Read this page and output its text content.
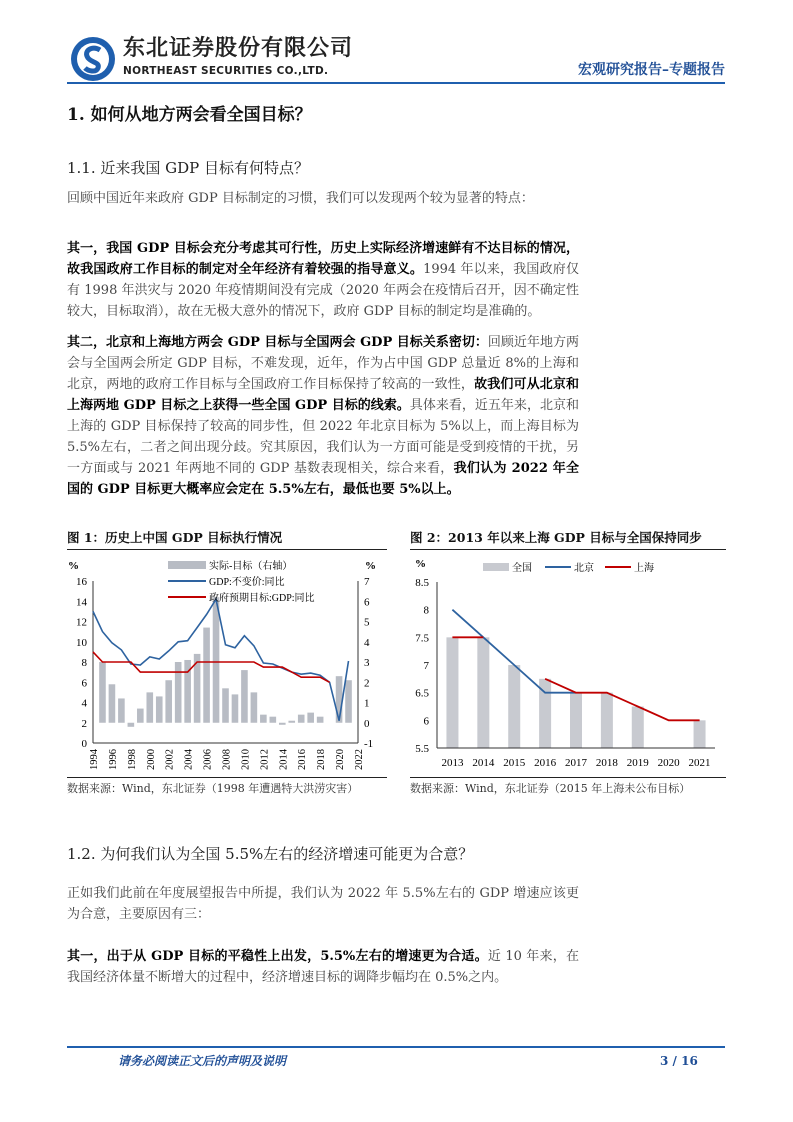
东北证券股份有限公司
NORTHEAST SECURITIES CO.,LTD.	宏观研究报告–专题报告
1. 如何从地方两会看全国目标？
1.1. 近来我国 GDP 目标有何特点？

回顾中国近年来政府 GDP 目标制定的习惯，我们可以发现两个较为显著的特点：

其一，我国 GDP 目标会充分考虑其可行性，历史上实际经济增速鲜有不达目标的情况，故我国政府工作目标的制定对全年经济有着较强的指导意义。1994 年以来，我国政府仅有 1998 年洪灾与 2020 年疫情期间没有完成（2020 年两会在疫情后召开，因不确定性较大，目标取消），故在无极大意外的情况下，政府 GDP 目标的制定均是准确的。

其二，北京和上海地方两会 GDP 目标与全国两会 GDP 目标关系密切：回顾近年地方两会与全国两会所定 GDP 目标，不难发现，近年，作为占中国 GDP 总量近 8%的上海和北京，两地的政府工作目标与全国政府工作目标保持了较高的一致性，故我们可从北京和上海两地 GDP 目标之上获得一些全国 GDP 目标的线索。具体来看，近五年来，北京和上海的 GDP 目标保持了较高的同步性，但 2022 年北京目标为 5%以上，而上海目标为 5.5%左右，二者之间出现分歧。究其原因，我们认为一方面可能是受到疫情的干扰，另一方面或与 2021 年两地不同的 GDP 基数表现相关，综合来看，我们认为 2022 年全国的 GDP 目标更大概率应会定在 5.5%左右，最低也要 5%以上。

图 1：历史上中国 GDP 目标执行情况	图 2：2013 年以来上海 GDP 目标与全国保持同步
0
2
4
6
8
10
12
14
16
-1
0
1
2
3
4
5
6
7
%	%
1994 1996 1998 2000 2002 2004 2006 2008 2010 2012 2014 2016 2018 2020 2022
实际-目标（右轴）
GDP:不变价:同比
政府预期目标:GDP:同比
5.5
6
6.5
7
7.5
8
8.5
2013 2014 2015 2016 2017 2018 2019 2020 2021
%	全国	北京	上海
数据来源：Wind，东北证券（1998 年遭遇特大洪涝灾害）	数据来源：Wind，东北证券（2015 年上海未公布目标）
1.2. 为何我们认为全国 5.5%左右的经济增速可能更为合意？

正如我们此前在年度展望报告中所提，我们认为 2022 年 5.5%左右的 GDP 增速应该更为合意，主要原因有三：

其一，出于从 GDP 目标的平稳性上出发，5.5%左右的增速更为合适。近 10 年来，在我国经济体量不断增大的过程中，经济增速目标的调降步幅均在 0.5%之内。

请务必阅读正文后的声明及说明	3 / 16
